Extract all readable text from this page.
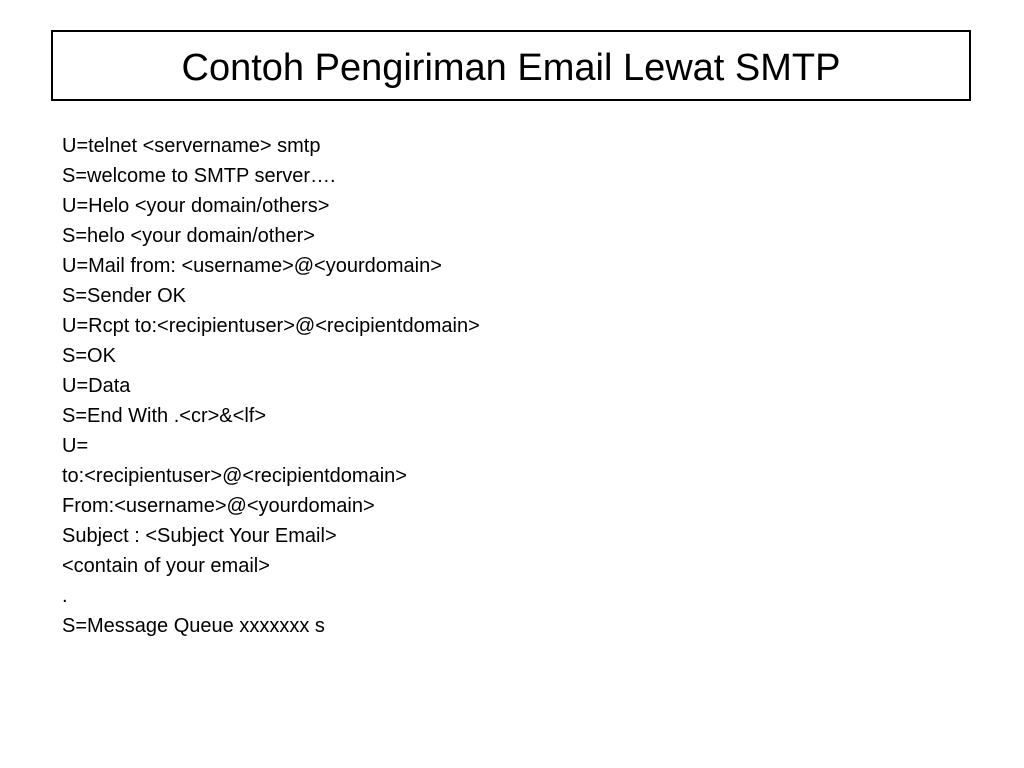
Contoh Pengiriman Email Lewat SMTP
U=telnet <servername> smtp
S=welcome to SMTP server….
U=Helo <your domain/others>
S=helo <your domain/other>
U=Mail from: <username>@<yourdomain>
S=Sender OK
U=Rcpt to:<recipientuser>@<recipientdomain>
S=OK
U=Data
S=End With .<cr>&<lf>
U=
to:<recipientuser>@<recipientdomain>
From:<username>@<yourdomain>
Subject : <Subject Your Email>
<contain of your email>
.
S=Message Queue xxxxxxx s
